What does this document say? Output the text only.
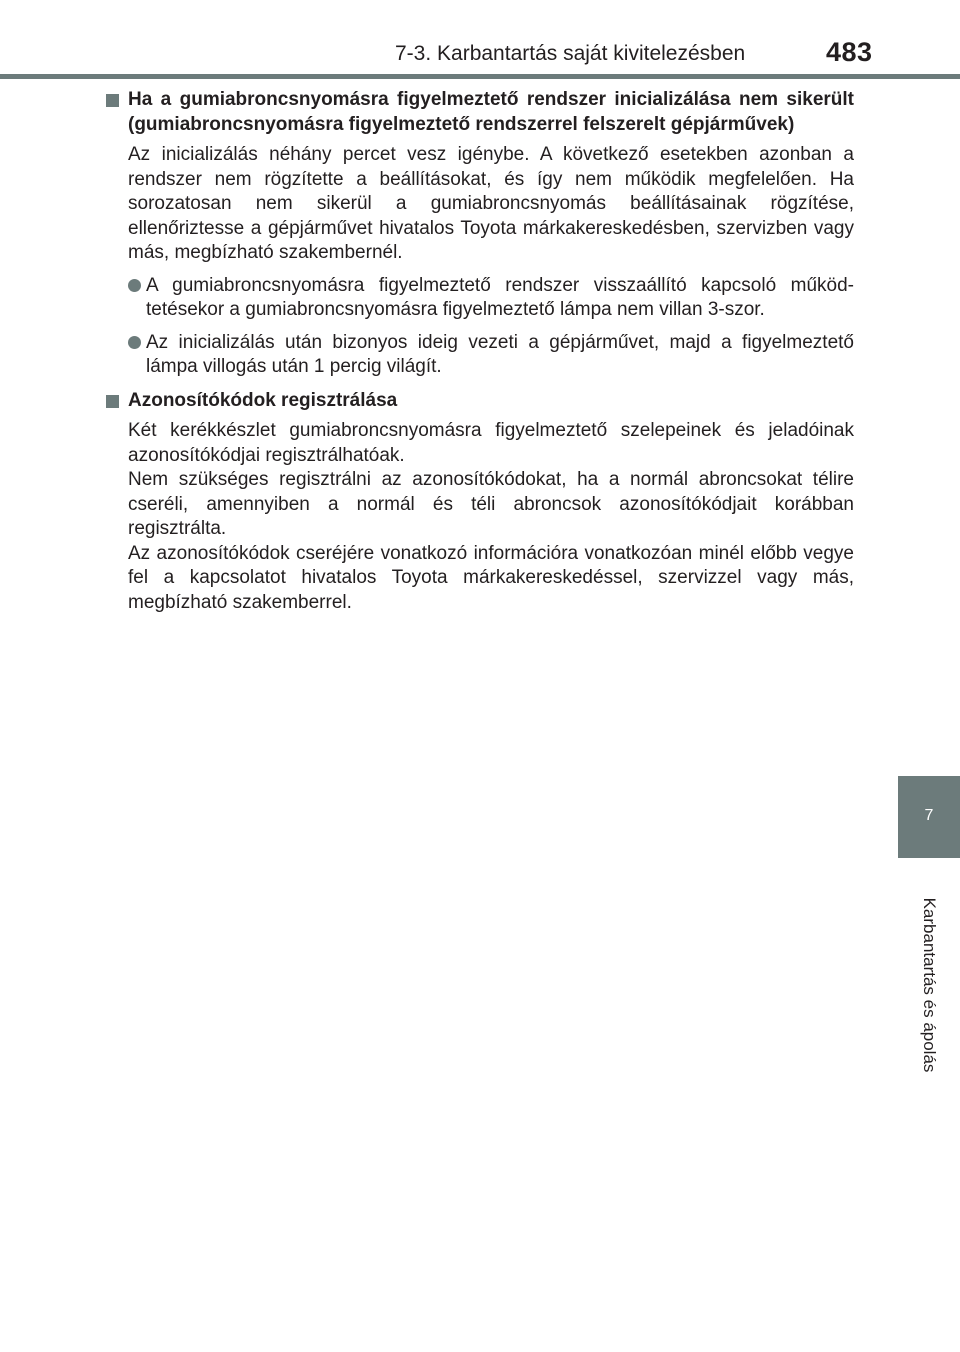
7-3. Karbantartás saját kivitelezésben	483
7
Karbantartás és ápolás
Ha a gumiabroncsnyomásra figyelmeztető rendszer inicializálása nem sikerült (gumiabroncsnyomásra figyelmeztető rendszerrel felszerelt gépjárművek)

Az inicializálás néhány percet vesz igénybe. A következő esetekben azonban a rendszer nem rögzítette a beállításokat, és így nem működik megfelelően. Ha sorozatosan nem sikerül a gumiabroncsnyomás beállításainak rögzítése, ellenőriztesse a gépjárművet hivatalos Toyota márkakereskedésben, szervizben vagy más, megbízható szakembernél.

A gumiabroncsnyomásra figyelmeztető rendszer visszaállító kapcsoló működtetésekor a gumiabroncsnyomásra figyelmeztető lámpa nem villan 3-szor.
Az inicializálás után bizonyos ideig vezeti a gépjárművet, majd a figyelmeztető lámpa villogás után 1 percig világít.
Azonosítókódok regisztrálása

Két kerékkészlet gumiabroncsnyomásra figyelmeztető szelepeinek és jeladóinak azonosítókódjai regisztrálhatóak.

Nem szükséges regisztrálni az azonosítókódokat, ha a normál abroncsokat télire cseréli, amennyiben a normál és téli abroncsok azonosítókódjait korábban regisztrálta.

Az azonosítókódok cseréjére vonatkozó információra vonatkozóan minél előbb vegye fel a kapcsolatot hivatalos Toyota márkakereskedéssel, szervizzel vagy más, megbízható szakemberrel.
